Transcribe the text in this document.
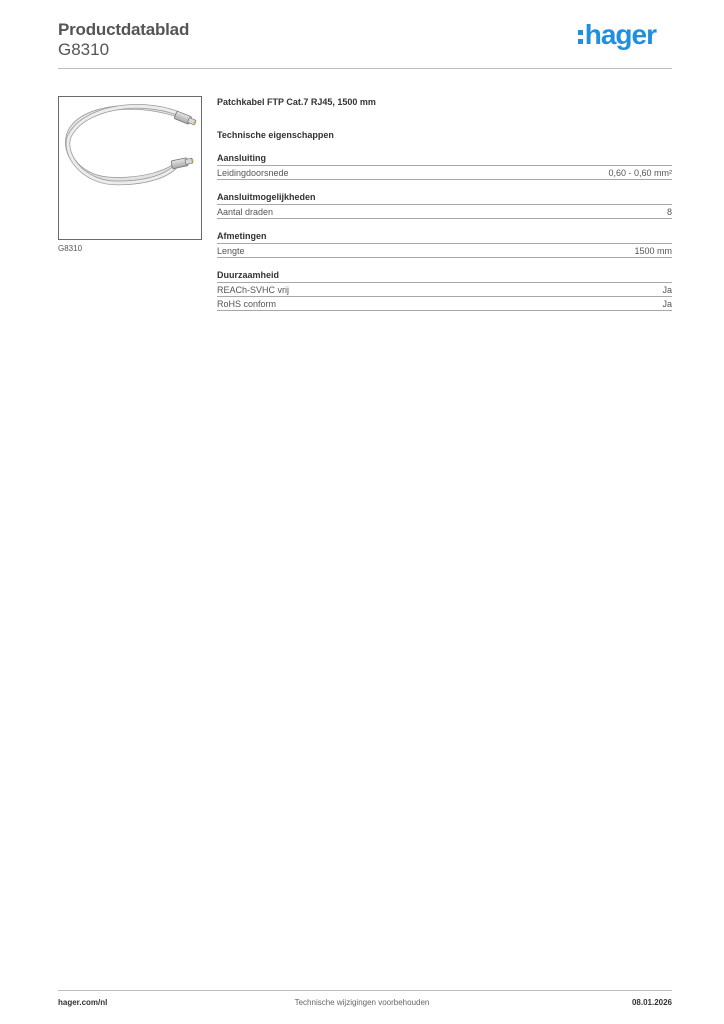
Productdatablad
G8310	hager
G8310
Patchkabel FTP Cat.7 RJ45, 1500 mm
Technische eigenschappen
Aansluiting
Leidingdoorsnede	0,60 - 0,60 mm²
Aansluitmogelijkheden
Aantal draden	8
Afmetingen
Lengte	1500 mm
Duurzaamheid
REACh-SVHC vrij	Ja
RoHS conform	Ja
hager.com/nl	Technische wijzigingen voorbehouden	08.01.2026
